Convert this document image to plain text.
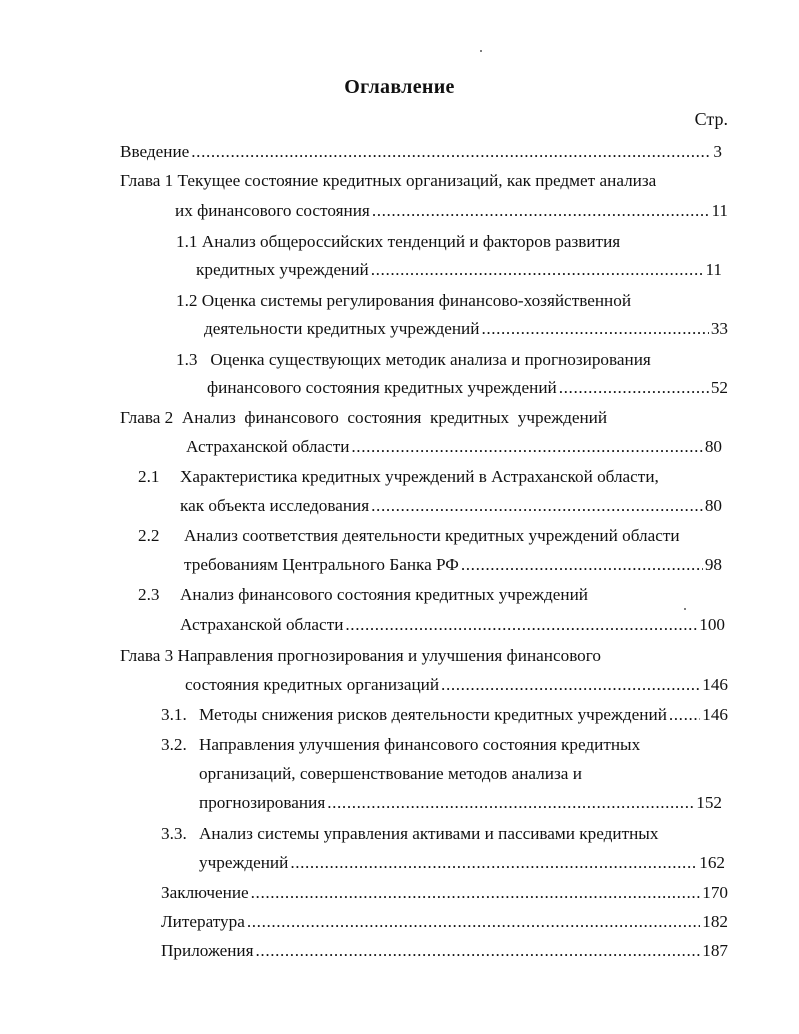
Оглавление
Стр.
Введение .....	3
Глава 1 Текущее состояние кредитных организаций, как предмет анализа
их финансового состояния .....	11
1.1 Анализ общероссийских тенденций и факторов развития
кредитных учреждений .....	11
1.2 Оценка системы регулирования финансово-хозяйственной
деятельности кредитных учреждений .....	33
1.3   Оценка существующих методик анализа и прогнозирования
финансового состояния кредитных учреждений .....	52
Глава 2  Анализ  финансового  состояния  кредитных  учреждений
Астраханской области .....	80
2.1 Характеристика кредитных учреждений в Астраханской области,
как объекта исследования .....	80
2.2 Анализ соответствия деятельности кредитных учреждений области
требованиям Центрального Банка РФ .....	98
2.3 Анализ финансового состояния кредитных учреждений
Астраханской области .....	100
Глава 3 Направления прогнозирования и улучшения финансового
состояния кредитных организаций .....	146
3.1. Методы снижения рисков деятельности кредитных учреждений ..... 146
3.2. Направления улучшения финансового состояния кредитных
организаций, совершенствование методов анализа и
прогнозирования .....	152
3.3. Анализ системы управления активами и пассивами кредитных
учреждений .....	162
Заключение .....	170
Литература .....	182
Приложения .....	187
